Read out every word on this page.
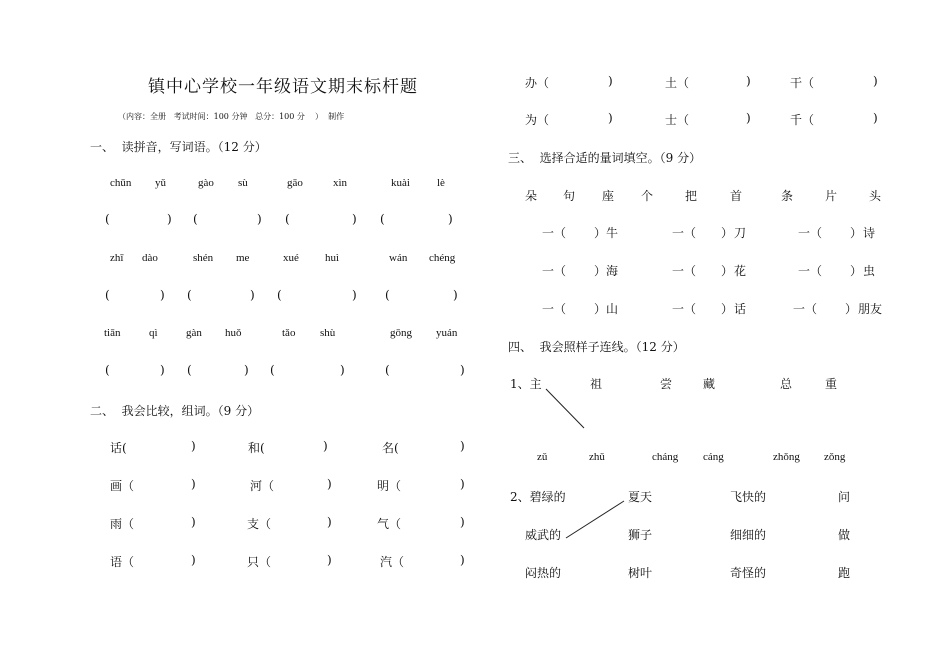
镇中心学校一年级语文期末标杆题
（内容：全册   考试时间：100 分钟   总分：100 分    ）  制作
一、  读拼音，写词语。（12 分）
chūn yǔ	gào sù	gāo	xìn	kuài lè
(	) (	) (	) (	)
zhī dào	shén me	xué huì	wán chéng
(	) (	) (	) (	)
tiān	qì	gàn huǒ	tǎo shù	gōng yuán
(	) (	) (	)	(	)
二、  我会比较，组词。（9 分）
话(	)	和(	)	名(	)
画（	)	河（	)	明（	)
雨（	)	支（	)	气（	)
语（	)	只（	)	汽（	)
办（	)	土（	)	干（	)
为（	)	士（	)	千（	)
三、  选择合适的量词填空。（9 分）
朵 句 座 个	把	首	条	片	头
一（ ） 牛	一（ ） 刀	一（ ） 诗
一（ ） 海	一（ ） 花	一（ ） 虫
一（ ） 山	一（ ） 话	一（ ） 朋友
四、  我会照样子连线。（12 分）
1、主	祖	尝	藏	总	重
zǔ	zhǔ	cháng cáng	zhǒng zǒng
2、碧绿的	夏天	飞快的	问
威武的	狮子	细细的	做
闷热的	树叶	奇怪的	跑
